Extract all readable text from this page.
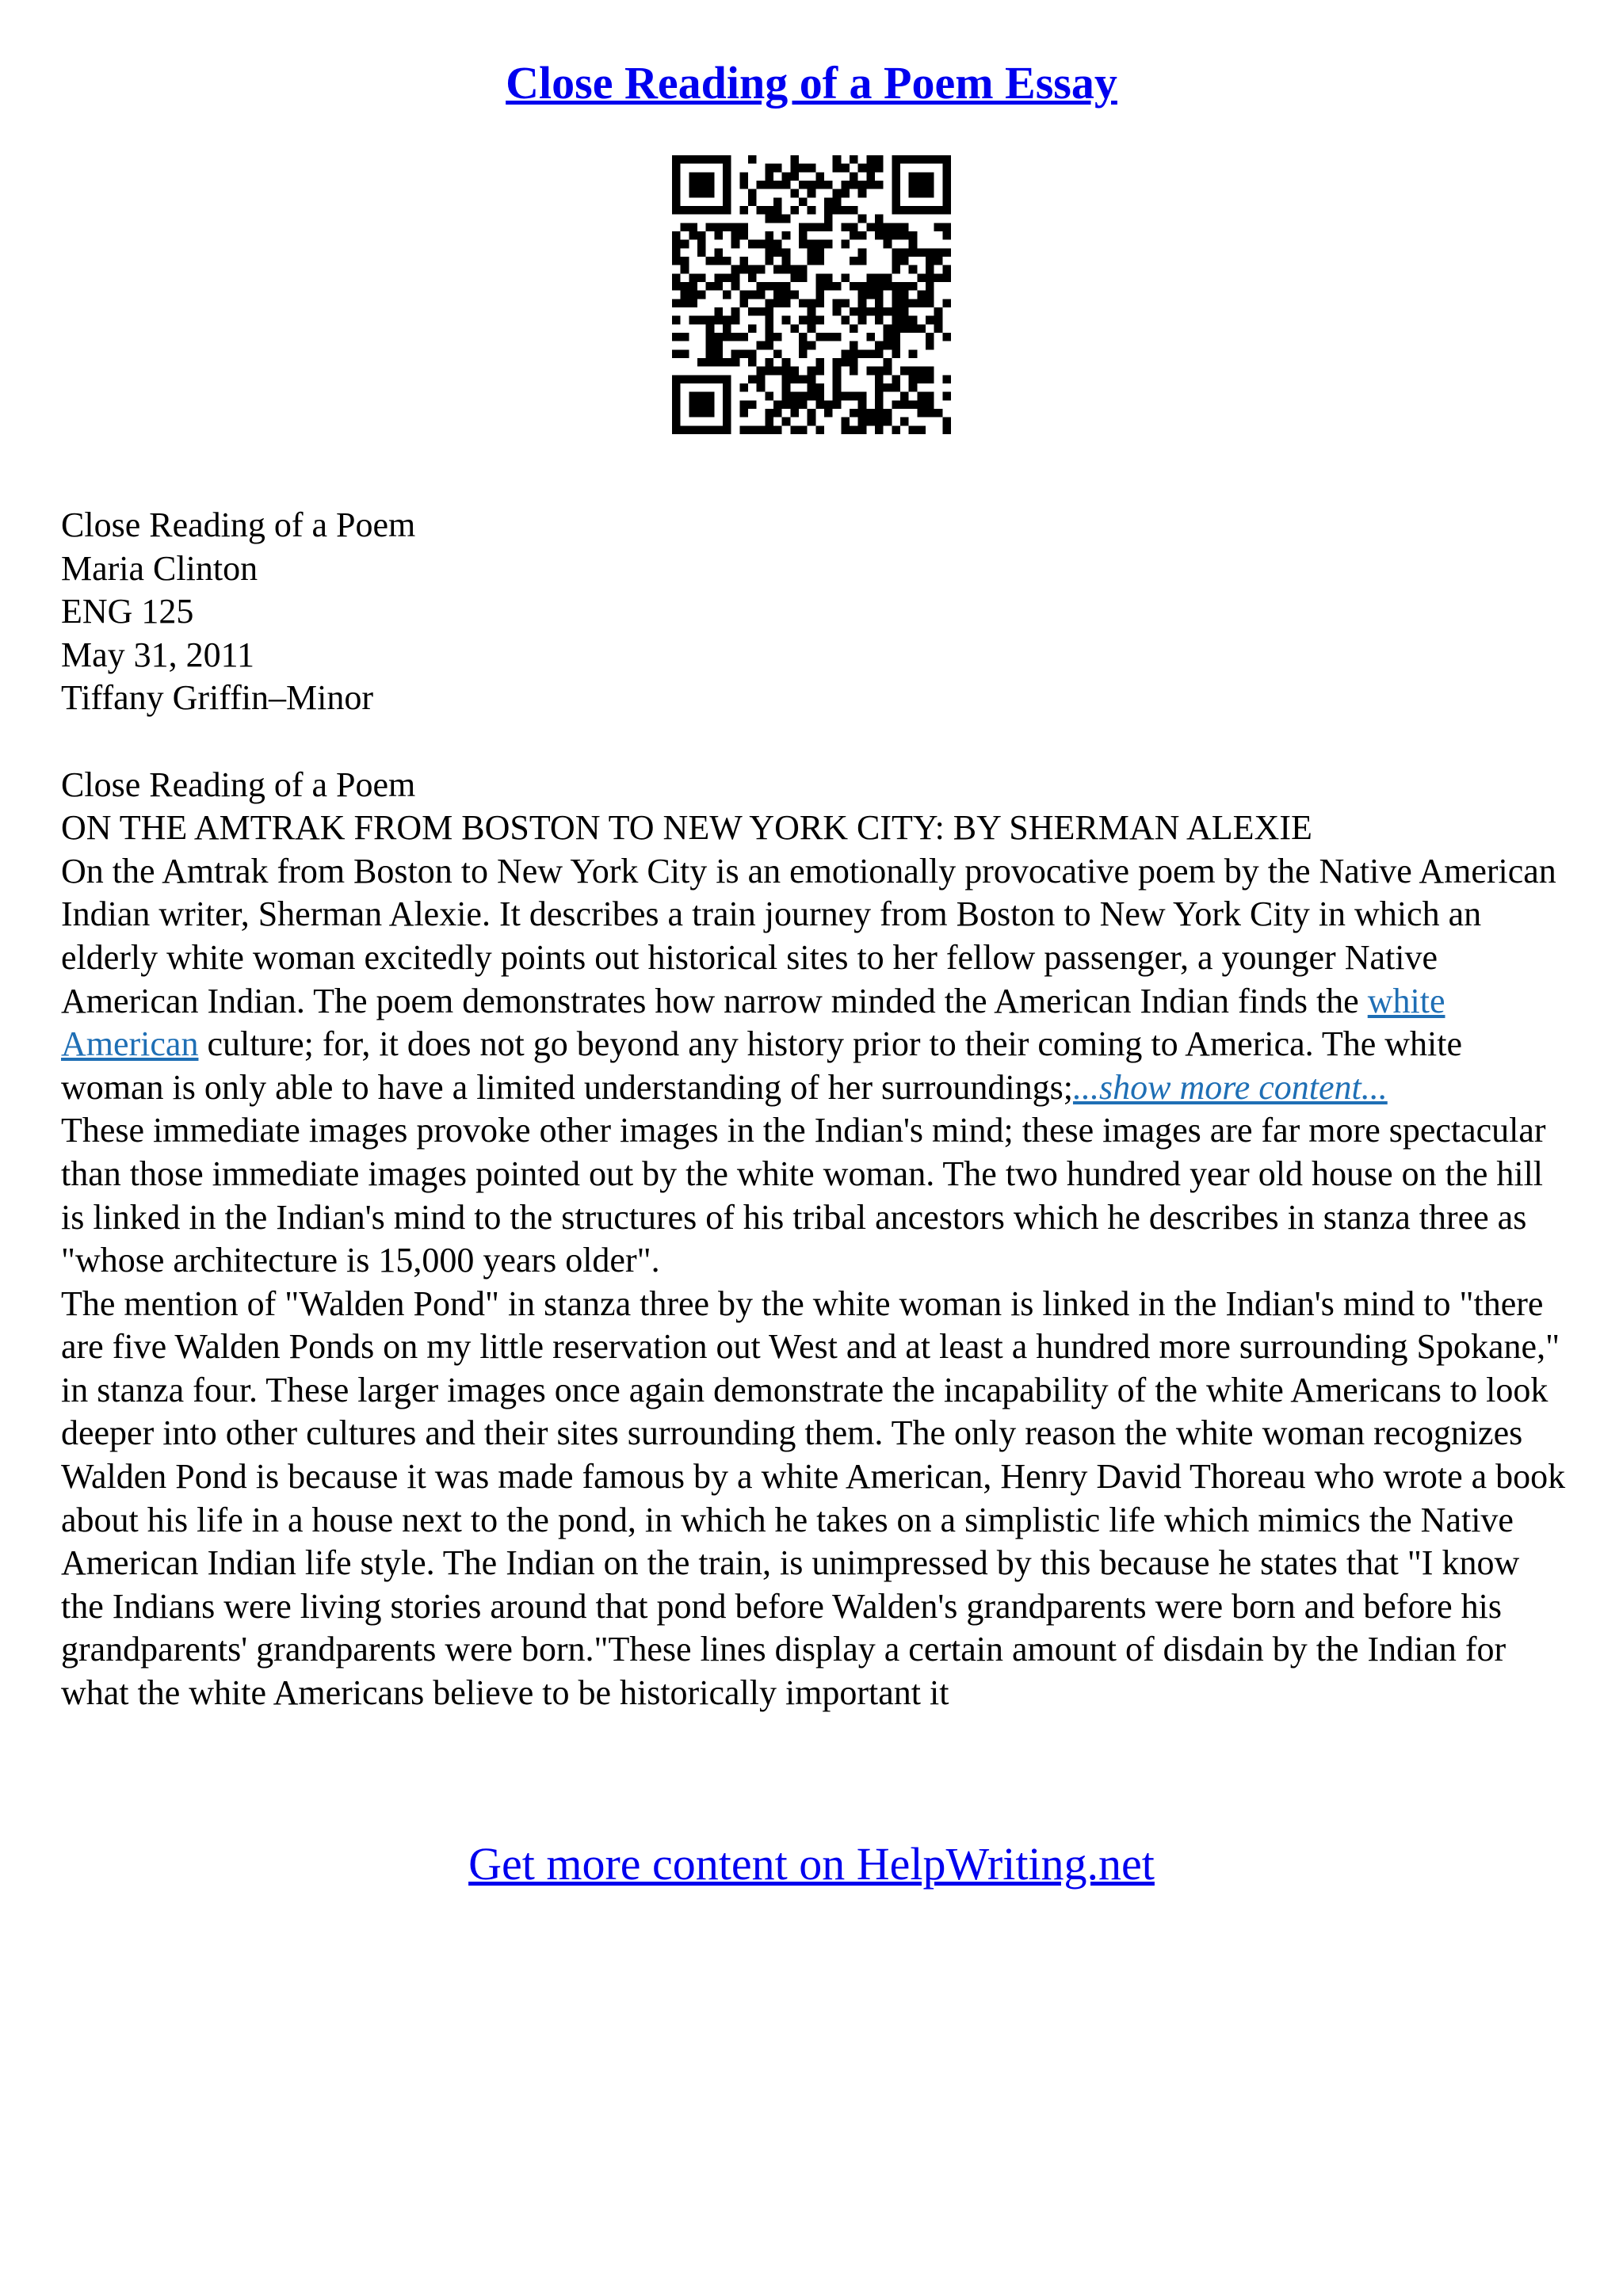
Close Reading of a Poem Essay

Close Reading of a Poem

Maria Clinton

ENG 125

May 31, 2011

Tiffany Griffin–Minor

Close Reading of a Poem

ON THE AMTRAK FROM BOSTON TO NEW YORK CITY: BY SHERMAN ALEXIE

On the Amtrak from Boston to New York City is an emotionally provocative poem by the Native American Indian writer, Sherman Alexie. It describes a train journey from Boston to New York City in which an elderly white woman excitedly points out historical sites to her fellow passenger, a younger Native American Indian. The poem demonstrates how narrow minded the American Indian finds the white American culture; for, it does not go beyond any history prior to their coming to America. The white woman is only able to have a limited understanding of her surroundings;...show more content...

These immediate images provoke other images in the Indian's mind; these images are far more spectacular than those immediate images pointed out by the white woman. The two hundred year old house on the hill is linked in the Indian's mind to the structures of his tribal ancestors which he describes in stanza three as "whose architecture is 15,000 years older".

The mention of "Walden Pond" in stanza three by the white woman is linked in the Indian's mind to "there are five Walden Ponds on my little reservation out West and at least a hundred more surrounding Spokane," in stanza four. These larger images once again demonstrate the incapability of the white Americans to look deeper into other cultures and their sites surrounding them. The only reason the white woman recognizes Walden Pond is because it was made famous by a white American, Henry David Thoreau who wrote a book about his life in a house next to the pond, in which he takes on a simplistic life which mimics the Native American Indian life style. The Indian on the train, is unimpressed by this because he states that "I know the Indians were living stories around that pond before Walden's grandparents were born and before his grandparents' grandparents were born."These lines display a certain amount of disdain by the Indian for what the white Americans believe to be historically important it

Get more content on HelpWriting.net
